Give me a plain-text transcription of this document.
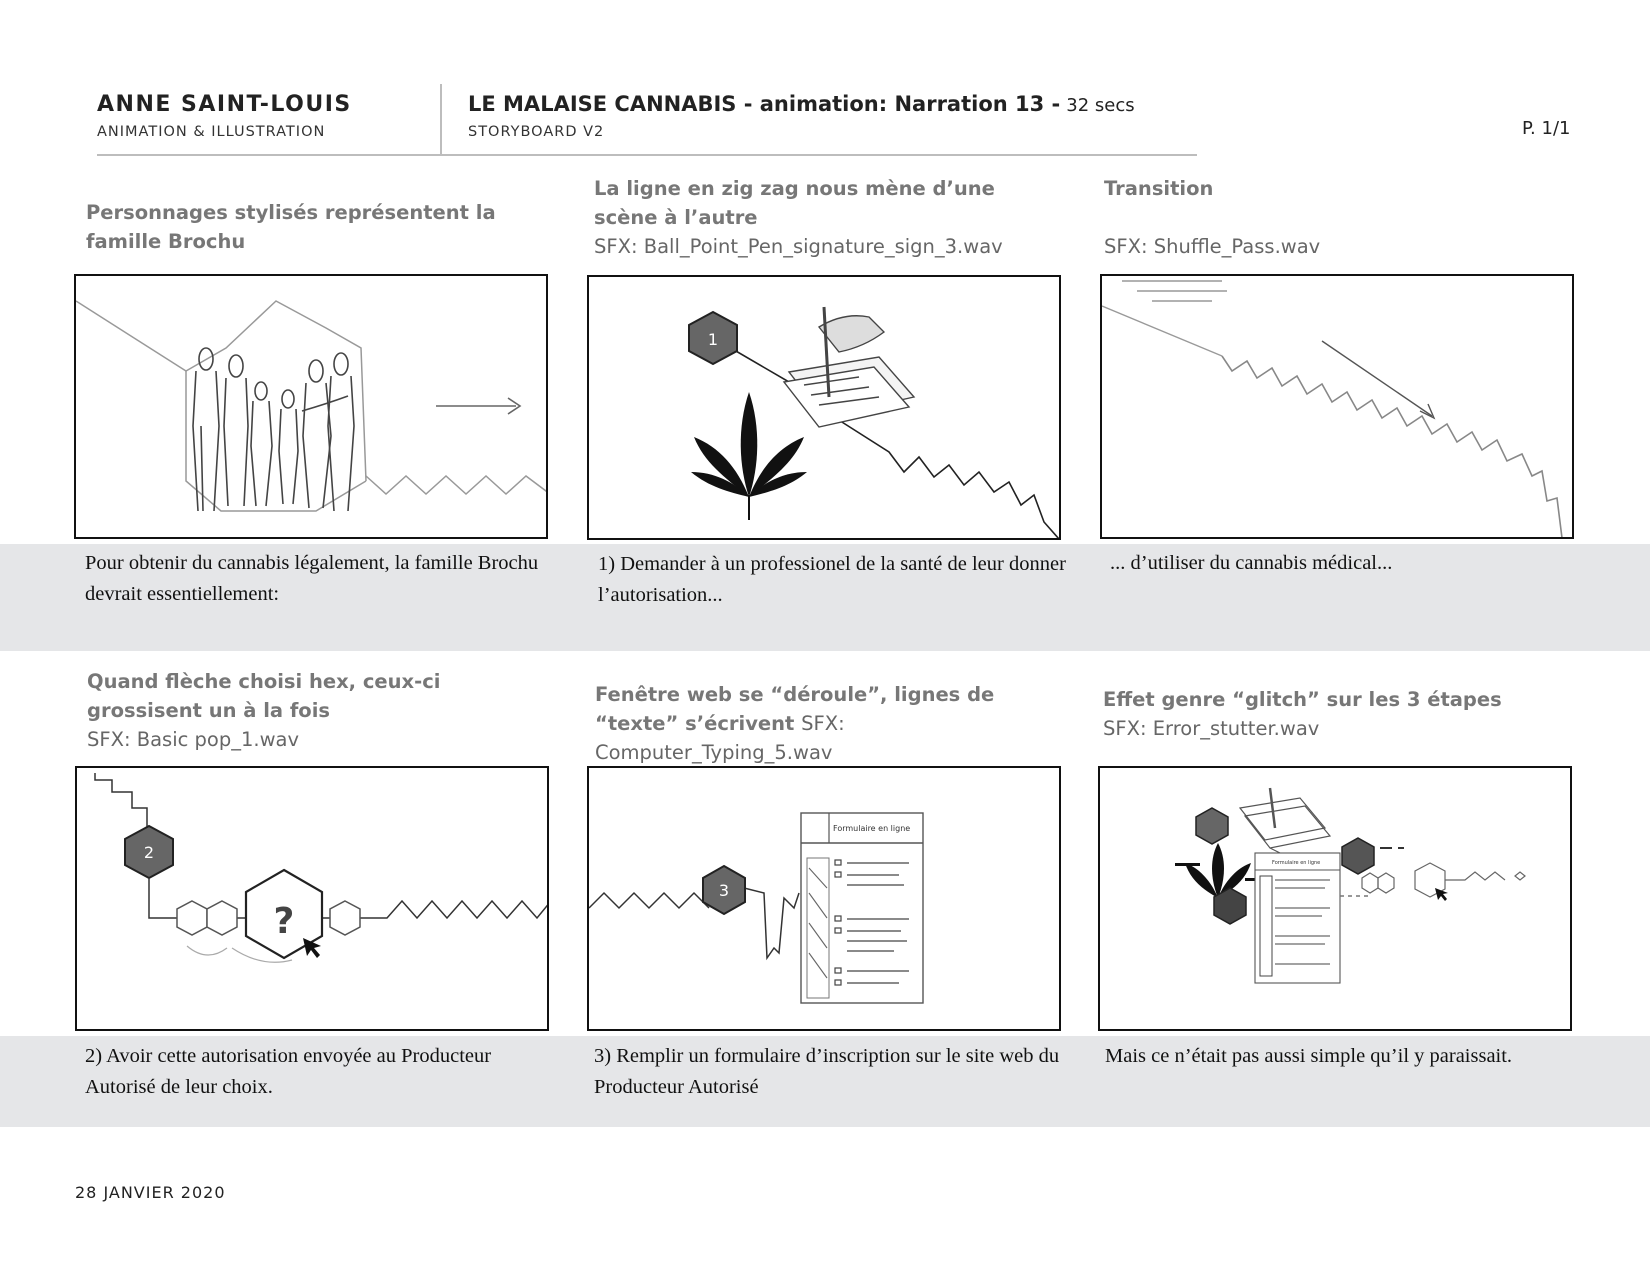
ANNE SAINT-LOUIS
ANIMATION & ILLUSTRATION
LE MALAISE CANNABIS - animation: Narration 13 - 32 secs
STORYBOARD V2	P. 1/1
Personnages stylisés représentent la famille Brochu
Pour obtenir du cannabis légalement, la famille Brochu devrait essentiellement:
La ligne en zig zag nous mène d’une scène à l’autre
SFX: Ball_Point_Pen_signature_sign_3.wav
1
1) Demander à un professionel de la santé de leur donner l’autorisation...
Transition

SFX: Shuffle_Pass.wav
... d’utiliser du cannabis médical...
Quand flèche choisi hex, ceux-ci grossisent un à la fois
SFX: Basic pop_1.wav
2
?
2) Avoir cette autorisation envoyée au Producteur Autorisé de leur choix.
Fenêtre web se “déroule”, lignes de “texte” s’écrivent SFX: Computer_Typing_5.wav
3
Formulaire en ligne
3) Remplir un formulaire d’inscription sur le site web du Producteur Autorisé
Effet genre “glitch” sur les 3 étapes
SFX: Error_stutter.wav
Formulaire en ligne
Mais ce n’était pas aussi simple qu’il y paraissait.
28 JANVIER 2020
